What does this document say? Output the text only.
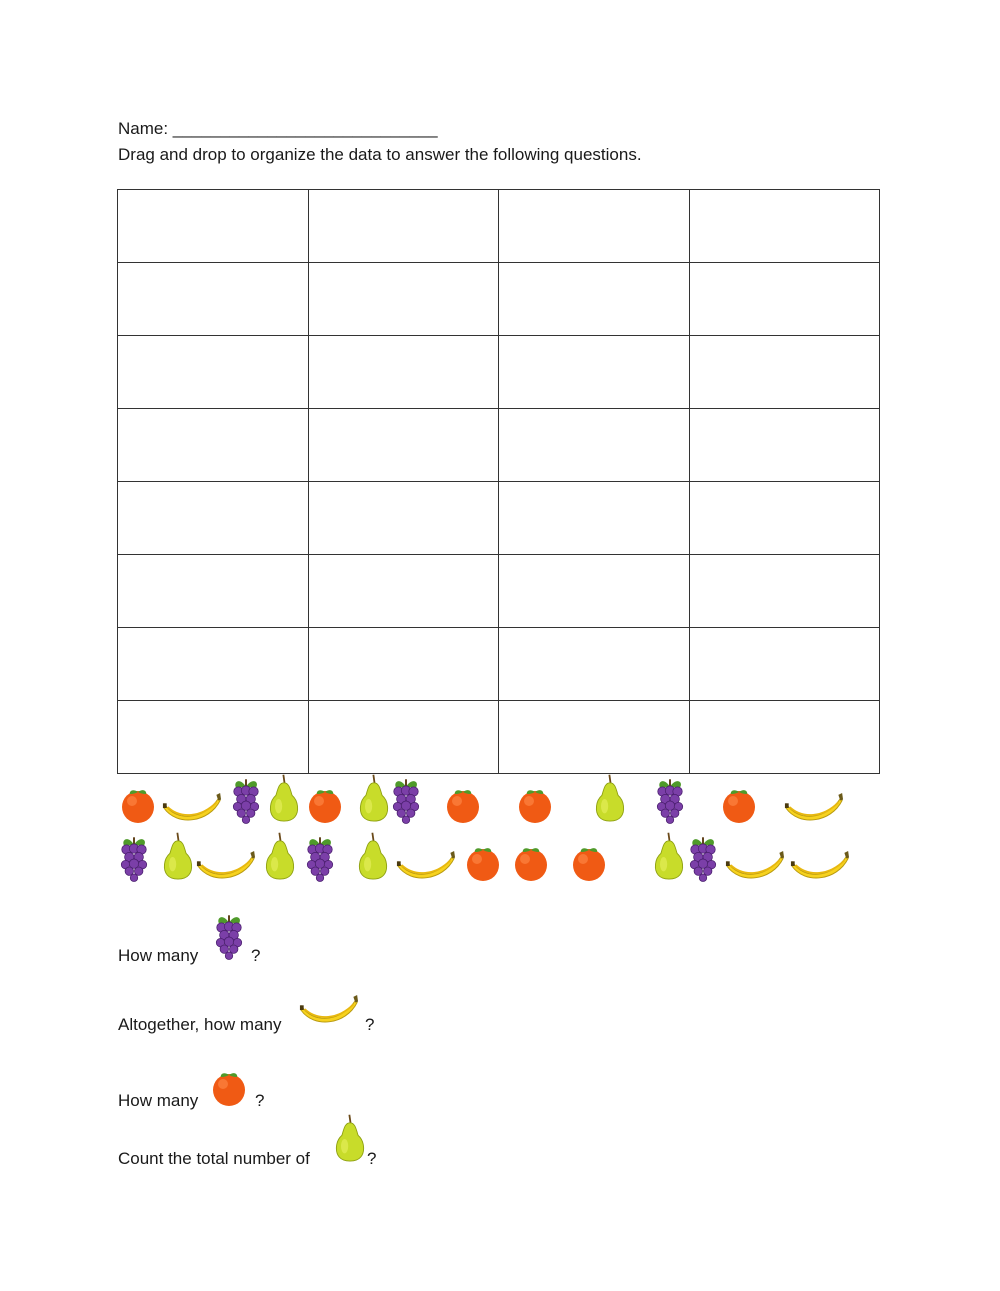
Name: ____________________________
Drag and drop to organize the data to answer the following questions.

How many	?
Altogether, how many	?
How many	?
Count the total number of	?
